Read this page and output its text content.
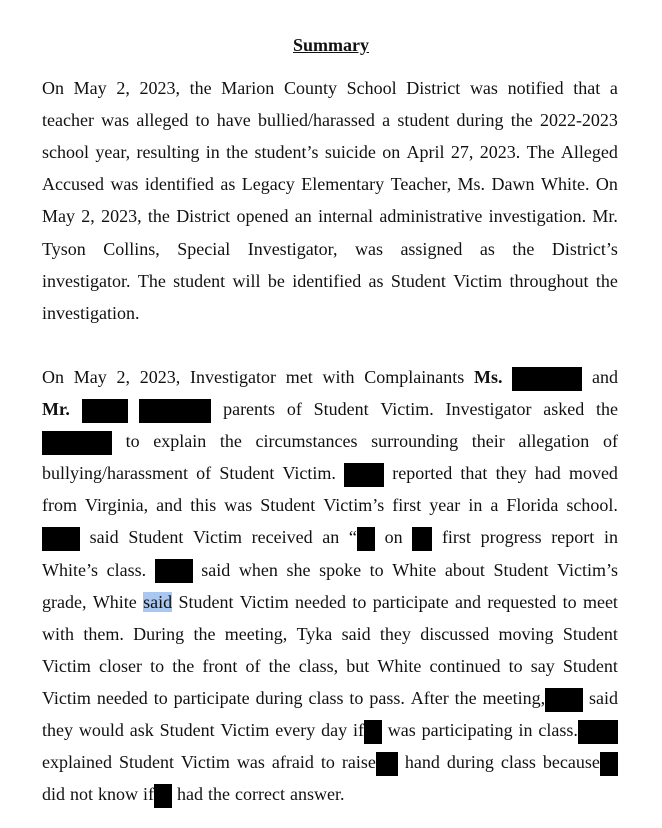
Summary
On May 2, 2023, the Marion County School District was notified that a
teacher was alleged to have bullied/harassed a student during the 2022-2023
school year, resulting in the student’s suicide on April 27, 2023. The Alleged
Accused was identified as Legacy Elementary Teacher, Ms. Dawn White. On
May 2, 2023, the District opened an internal administrative investigation. Mr.
Tyson Collins, Special Investigator, was assigned as the District’s
investigator. The student will be identified as Student Victim throughout the
investigation.
On May 2, 2023, Investigator met with Complainants Ms.	and
Mr.	parents of Student Victim. Investigator asked the
to explain the circumstances surrounding their allegation of
bullying/harassment of Student Victim.	reported that they had moved
from Virginia, and this was Student Victim’s first year in a Florida school.
said Student Victim received an “	on first progress report in
White’s class.	said when she spoke to White about Student Victim’s
grade, White said Student Victim needed to participate and requested to meet
with them. During the meeting, Tyka said they discussed moving Student
Victim closer to the front of the class, but White continued to say Student
Victim needed to participate during class to pass. After the meeting,	said
they would ask Student Victim every day if	was participating in class.
explained Student Victim was afraid to raise	hand during class because
did not know if	had the correct answer.
